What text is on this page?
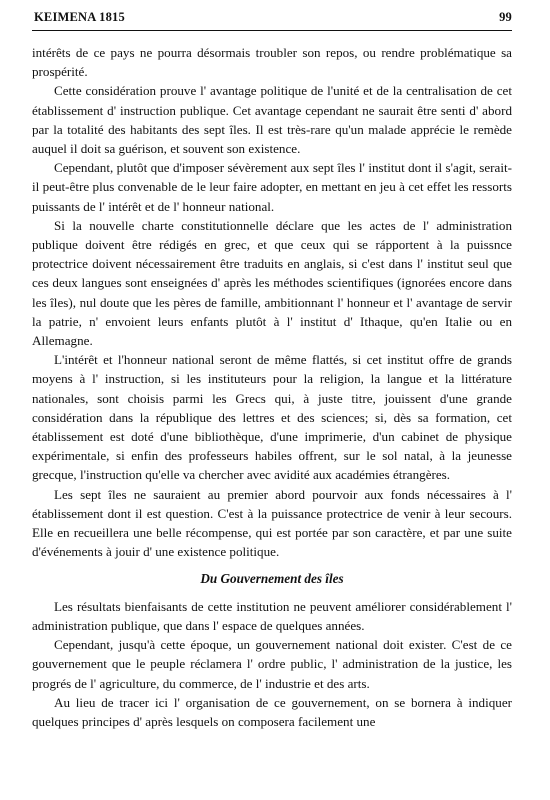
KEIMENA 1815	99

intérêts de ce pays ne pourra désormais troubler son repos, ou rendre problématique sa prospérité.

Cette considération prouve l' avantage politique de l'unité et de la centralisation de cet établissement d' instruction publique. Cet avantage cependant ne saurait être senti d' abord par la totalité des habitants des sept îles. Il est très-rare qu'un malade apprécie le remède auquel il doit sa guérison, et souvent son existence.

Cependant, plutôt que d'imposer sévèrement aux sept îles l' institut dont il s'agit, serait-il peut-être plus convenable de le leur faire adopter, en mettant en jeu à cet effet les ressorts puissants de l' intérêt et de l' honneur national.

Si la nouvelle charte constitutionnelle déclare que les actes de l' administration publique doivent être rédigés en grec, et que ceux qui se rápportent à la puissnce protectrice doivent nécessairement être traduits en anglais, si c'est dans l' institut seul que ces deux langues sont enseignées d' après les méthodes scientifiques (ignorées encore dans les îles), nul doute que les pères de famille, ambitionnant l' honneur et l' avantage de servir la patrie, n' envoient leurs enfants plutôt à l' institut d' Ithaque, qu'en Italie ou en Allemagne.

L'intérêt et l'honneur national seront de même flattés, si cet institut offre de grands moyens à l' instruction, si les instituteurs pour la religion, la langue et la littérature nationales, sont choisis parmi les Grecs qui, à juste titre, jouissent d'une grande considération dans la république des lettres et des sciences; si, dès sa formation, cet établissement est doté d'une bibliothèque, d'une imprimerie, d'un cabinet de physique expérimentale, si enfin des professeurs habiles offrent, sur le sol natal, à la jeunesse grecque, l'instruction qu'elle va chercher avec avidité aux académies étrangères.

Les sept îles ne sauraient au premier abord pourvoir aux fonds nécessaires à l' établissement dont il est question. C'est à la puissance protectrice de venir à leur secours. Elle en recueillera une belle récompense, qui est portée par son caractère, et par une suite d'événements à jouir d' une existence politique.

Du Gouvernement des îles

Les résultats bienfaisants de cette institution ne peuvent améliorer considérablement l' administration publique, que dans l' espace de quelques années.

Cependant, jusqu'à cette époque, un gouvernement national doit exister. C'est de ce gouvernement que le peuple réclamera l' ordre public, l' administration de la justice, les progrés de l' agriculture, du commerce, de l' industrie et des arts.

Au lieu de tracer ici l' organisation de ce gouvernement, on se bornera à indiquer quelques principes d' après lesquels on composera facilement une
